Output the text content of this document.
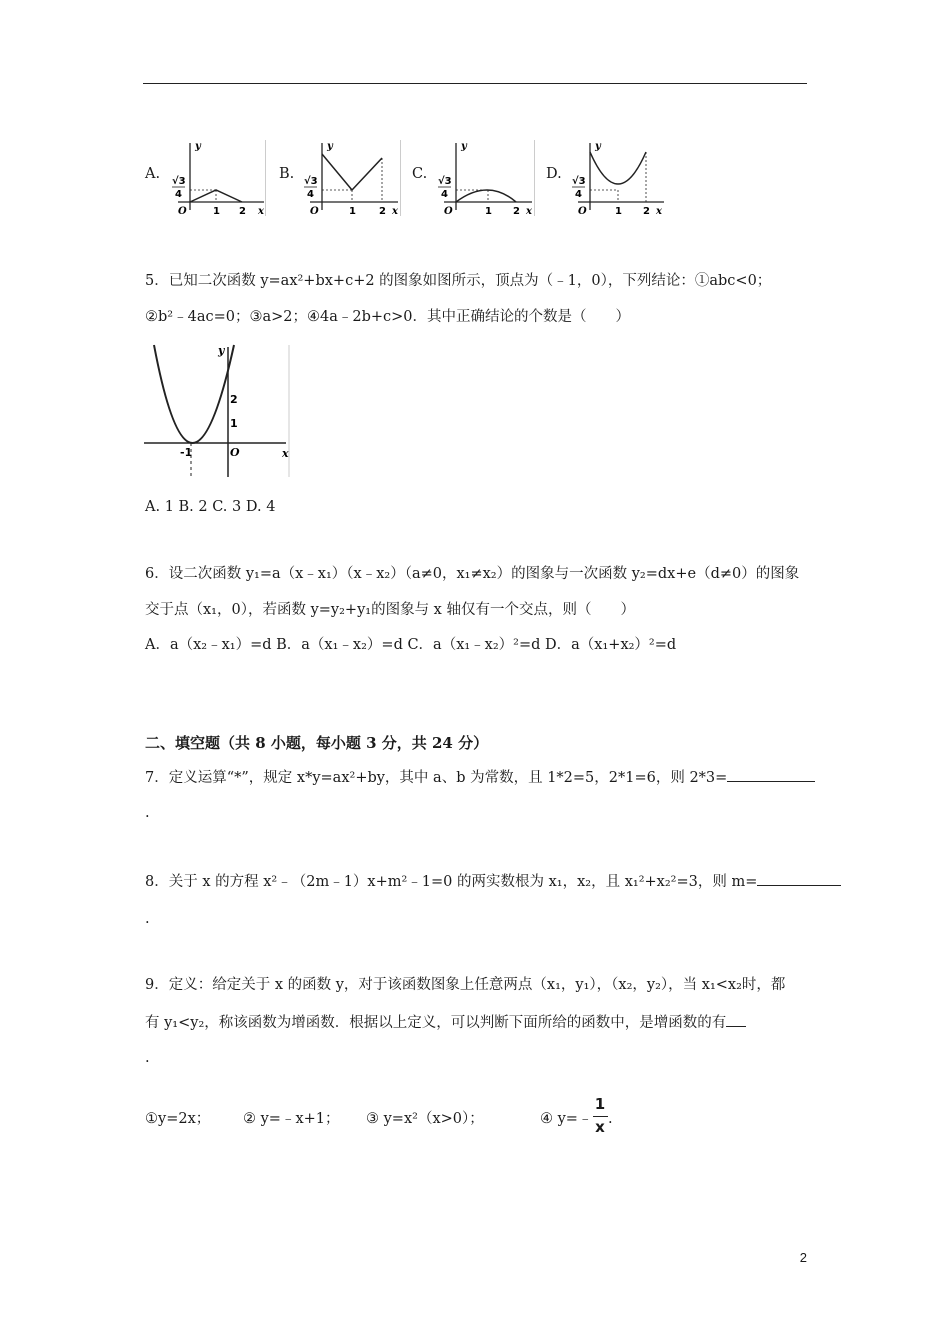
A.
y
√3
4
O	1 2 x
B.
y
√3
4
O	1 2 x
C.
y
√3
4
O	1 2 x
D.
y
√3
4
O	1 2 x
5．已知二次函数 y=ax²+bx+c+2 的图象如图所示，顶点为（﹣1，0），下列结论：①abc<0；
②b²﹣4ac=0；③a>2；④4a﹣2b+c>0．其中正确结论的个数是（　　）
y
x
2
1
-1	O
A. 1 B. 2 C. 3 D. 4
6．设二次函数 y₁=a（x﹣x₁）（x﹣x₂）（a≠0，x₁≠x₂）的图象与一次函数 y₂=dx+e（d≠0）的图象
交于点（x₁，0），若函数 y=y₂+y₁的图象与 x 轴仅有一个交点，则（　　）
A．a（x₂﹣x₁）=d B．a（x₁﹣x₂）=d C．a（x₁﹣x₂）²=d D．a（x₁+x₂）²=d
二、填空题（共 8 小题，每小题 3 分，共 24 分）
7．定义运算“*”，规定 x*y=ax²+by，其中 a、b 为常数，且 1*2=5，2*1=6，则 2*3=
.
8．关于 x 的方程 x²﹣（2m﹣1）x+m²﹣1=0 的两实数根为 x₁，x₂，且 x₁²+x₂²=3，则 m=
.
9．定义：给定关于 x 的函数 y，对于该函数图象上任意两点（x₁，y₁），（x₂，y₂），当 x₁<x₂时，都
有 y₁<y₂，称该函数为增函数．根据以上定义，可以判断下面所给的函数中，是增函数的有
.
①y=2x； ② y=﹣x+1； ③ y=x²（x>0）；	④ y=﹣
1
x .
2
